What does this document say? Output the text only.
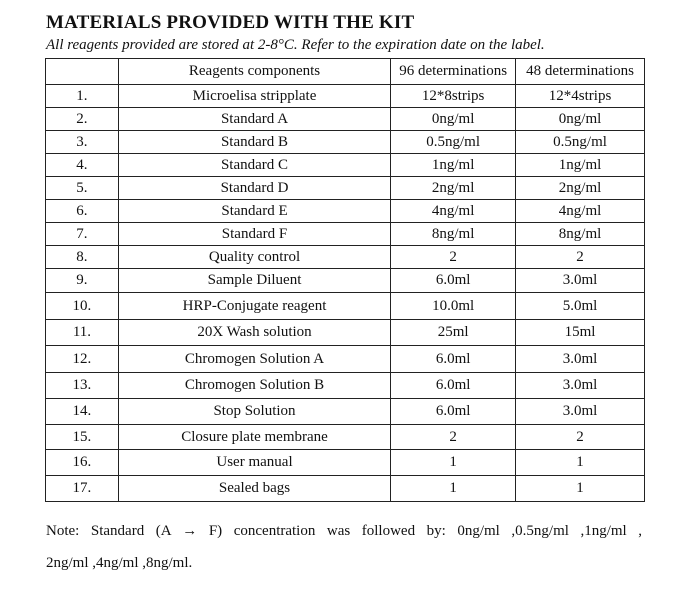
MATERIALS PROVIDED WITH THE KIT
All reagents provided are stored at 2-8°C. Refer to the expiration date on the label.
	Reagents components	96 determinations	48 determinations
1.	Microelisa stripplate	12*8strips	12*4strips
2.	Standard A	0ng/ml	0ng/ml
3.	Standard B	0.5ng/ml	0.5ng/ml
4.	Standard C	1ng/ml	1ng/ml
5.	Standard D	2ng/ml	2ng/ml
6.	Standard E	4ng/ml	4ng/ml
7.	Standard F	8ng/ml	8ng/ml
8.	Quality control	2	2
9.	Sample Diluent	6.0ml	3.0ml
10.	HRP-Conjugate reagent	10.0ml	5.0ml
11.	20X Wash solution	25ml	15ml
12.	Chromogen Solution A	6.0ml	3.0ml
13.	Chromogen Solution B	6.0ml	3.0ml
14.	Stop Solution	6.0ml	3.0ml
15.	Closure plate membrane	2	2
16.	User manual	1	1
17.	Sealed bags	1	1
Note: Standard (A → F) concentration was followed by: 0ng/ml ,0.5ng/ml ,1ng/ml ,
2ng/ml ,4ng/ml ,8ng/ml.
